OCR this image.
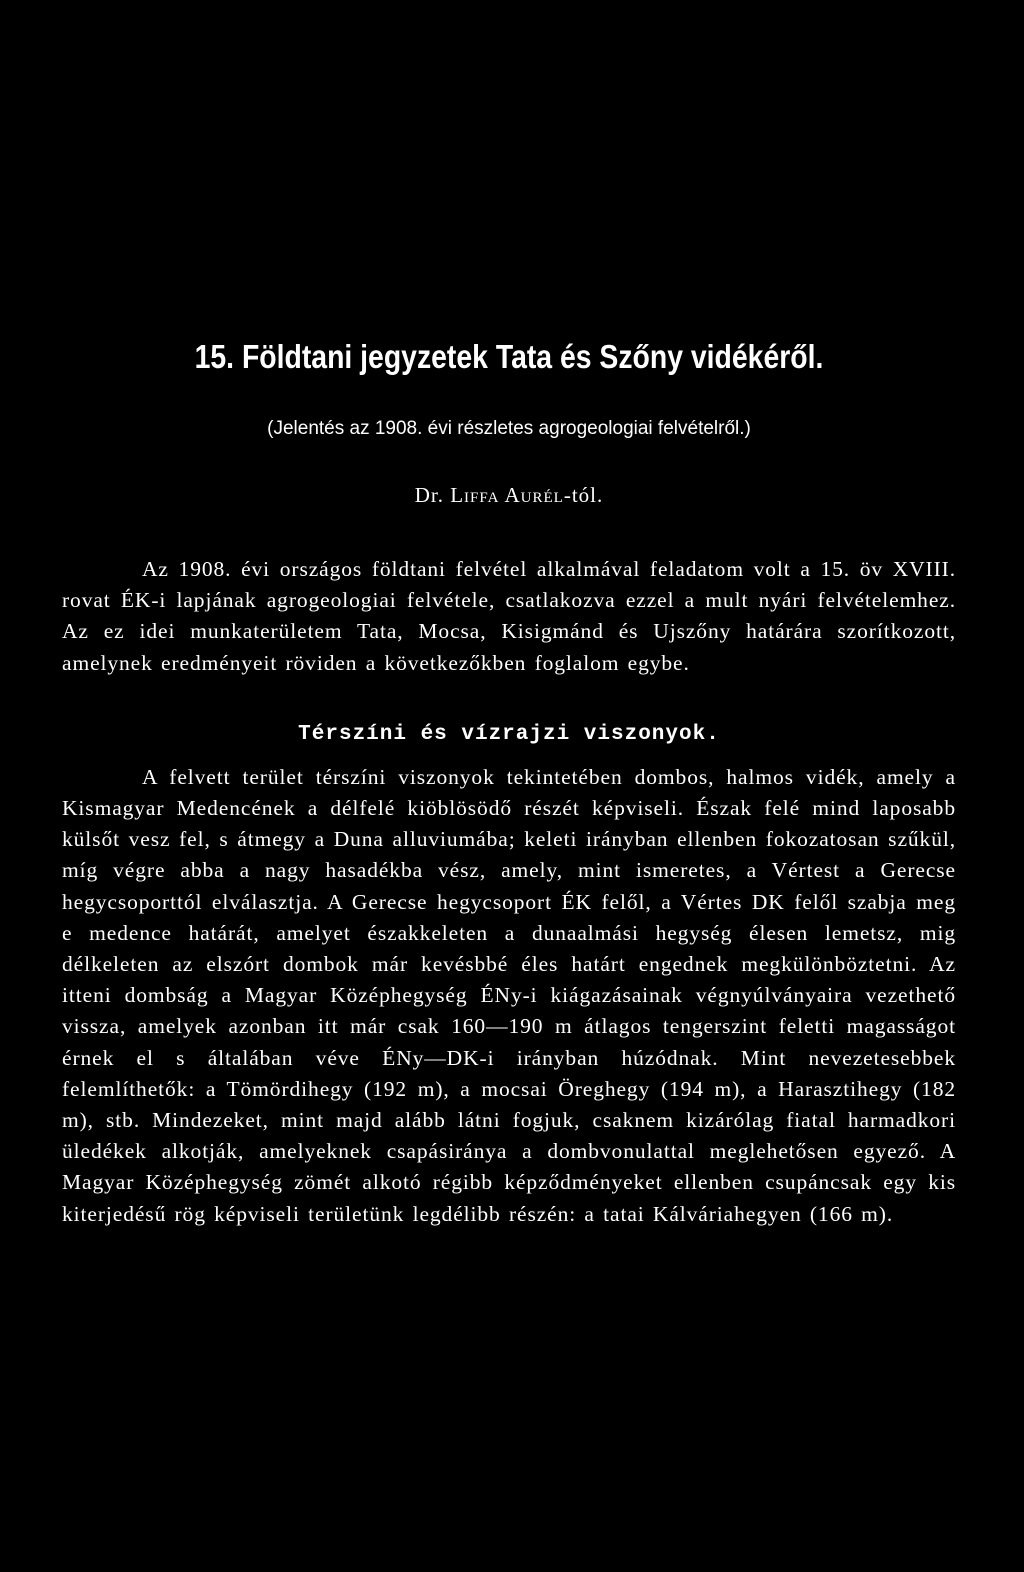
15. Földtani jegyzetek Tata és Szőny vidékéről.

(Jelentés az 1908. évi részletes agrogeologiai felvételről.)

Dr. Liffa Aurél-tól.

Az 1908. évi országos földtani felvétel alkalmával feladatom volt a 15. öv XVIII. rovat ÉK-i lapjának agrogeologiai felvétele, csatlakozva ezzel a mult nyári felvételemhez. Az ez idei munkaterületem Tata, Mocsa, Kisigmánd és Ujszőny határára szorítkozott, amelynek eredményeit röviden a következőkben foglalom egybe.

Térszíni és vízrajzi viszonyok.

A felvett terület térszíni viszonyok tekintetében dombos, halmos vidék, amely a Kismagyar Medencének a délfelé kiöblösödő részét képviseli. Észak felé mind laposabb külsőt vesz fel, s átmegy a Duna alluviumába; keleti irányban ellenben fokozatosan szűkül, míg végre abba a nagy hasadékba vész, amely, mint ismeretes, a Vértest a Gerecse hegycsoporttól elválasztja. A Gerecse hegycsoport ÉK felől, a Vértes DK felől szabja meg e medence határát, amelyet északkeleten a dunaalmási hegység élesen lemetsz, mig délkeleten az elszórt dombok már kevésbbé éles határt engednek megkülönböztetni. Az itteni dombság a Magyar Középhegység ÉNy-i kiágazásainak végnyúlványaira vezethető vissza, amelyek azonban itt már csak 160—190 m átlagos tengerszint feletti magasságot érnek el s általában véve ÉNy—DK-i irányban húzódnak. Mint nevezetesebbek felemlíthetők: a Tömördihegy (192 m), a mocsai Öreghegy (194 m), a Harasztihegy (182 m), stb. Mindezeket, mint majd alább látni fogjuk, csaknem kizárólag fiatal harmadkori üledékek alkotják, amelyeknek csapásiránya a dombvonulattal meglehetősen egyező. A Magyar Középhegység zömét alkotó régibb képződményeket ellenben csupáncsak egy kis kiterjedésű rög képviseli területünk legdélibb részén: a tatai Kálváriahegyen (166 m).
